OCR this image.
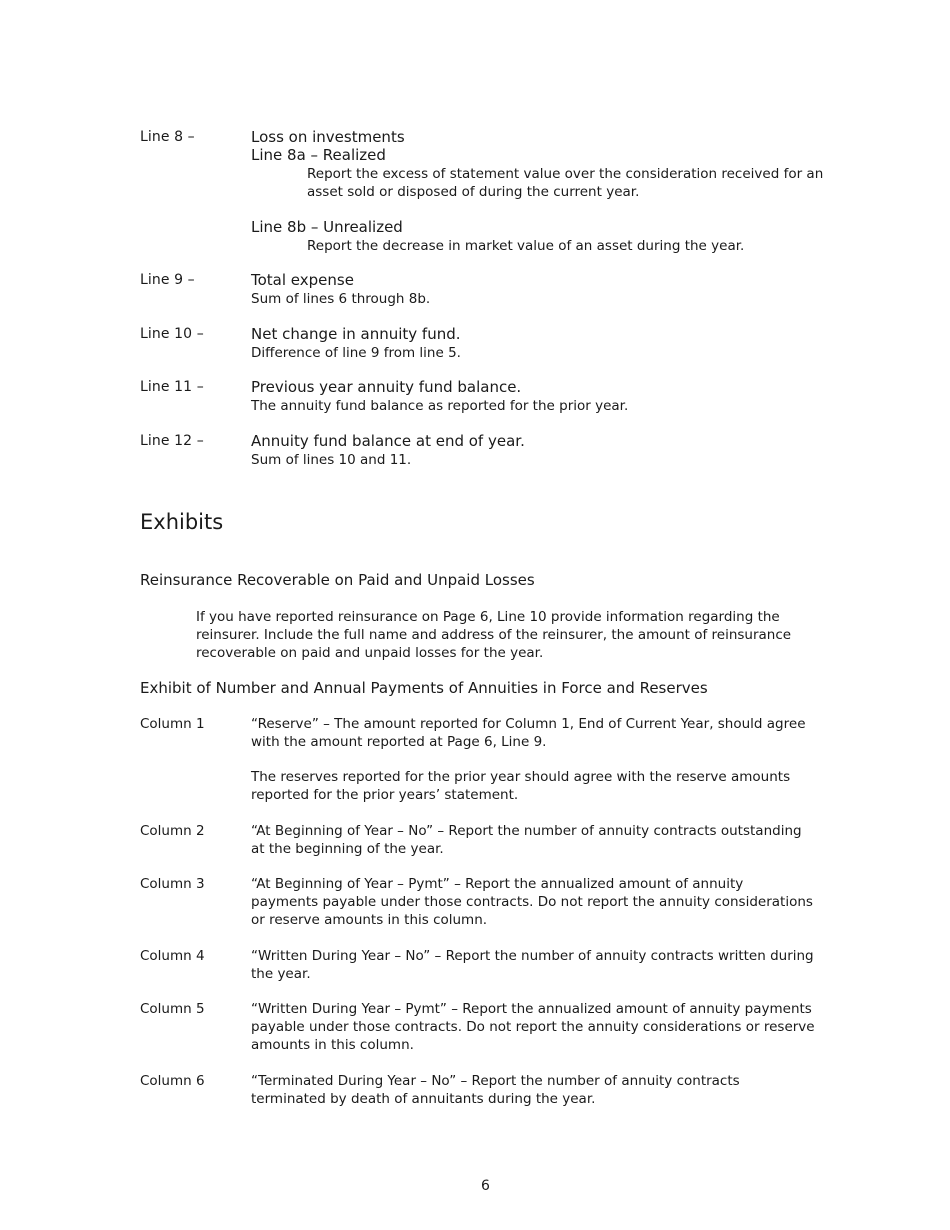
Line 8 –	Loss on investments
Line 8a – Realized
Report the excess of statement value over the consideration received for an
asset sold or disposed of during the current year.
Line 8b – Unrealized
Report the decrease in market value of an asset during the year.
Line 9 –	Total expense
Sum of lines 6 through 8b.
Line 10 –	Net change in annuity fund.
Difference of line 9 from line 5.
Line 11 –	Previous year annuity fund balance.
The annuity fund balance as reported for the prior year.
Line 12 –	Annuity fund balance at end of year.
Sum of lines 10 and 11.
Exhibits
Reinsurance Recoverable on Paid and Unpaid Losses
If you have reported reinsurance on Page 6, Line 10 provide information regarding the
reinsurer. Include the full name and address of the reinsurer, the amount of reinsurance
recoverable on paid and unpaid losses for the year.
Exhibit of Number and Annual Payments of Annuities in Force and Reserves
Column 1	“Reserve” – The amount reported for Column 1, End of Current Year, should agree
with the amount reported at Page 6, Line 9.
The reserves reported for the prior year should agree with the reserve amounts
reported for the prior years’ statement.
Column 2	“At Beginning of Year – No” – Report the number of annuity contracts outstanding
at the beginning of the year.
Column 3	“At Beginning of Year – Pymt” – Report the annualized amount of annuity
payments payable under those contracts. Do not report the annuity considerations
or reserve amounts in this column.
Column 4	“Written During Year – No” – Report the number of annuity contracts written during
the year.
Column 5	“Written During Year – Pymt” – Report the annualized amount of annuity payments
payable under those contracts. Do not report the annuity considerations or reserve
amounts in this column.
Column 6	“Terminated During Year – No” – Report the number of annuity contracts
terminated by death of annuitants during the year.
6
